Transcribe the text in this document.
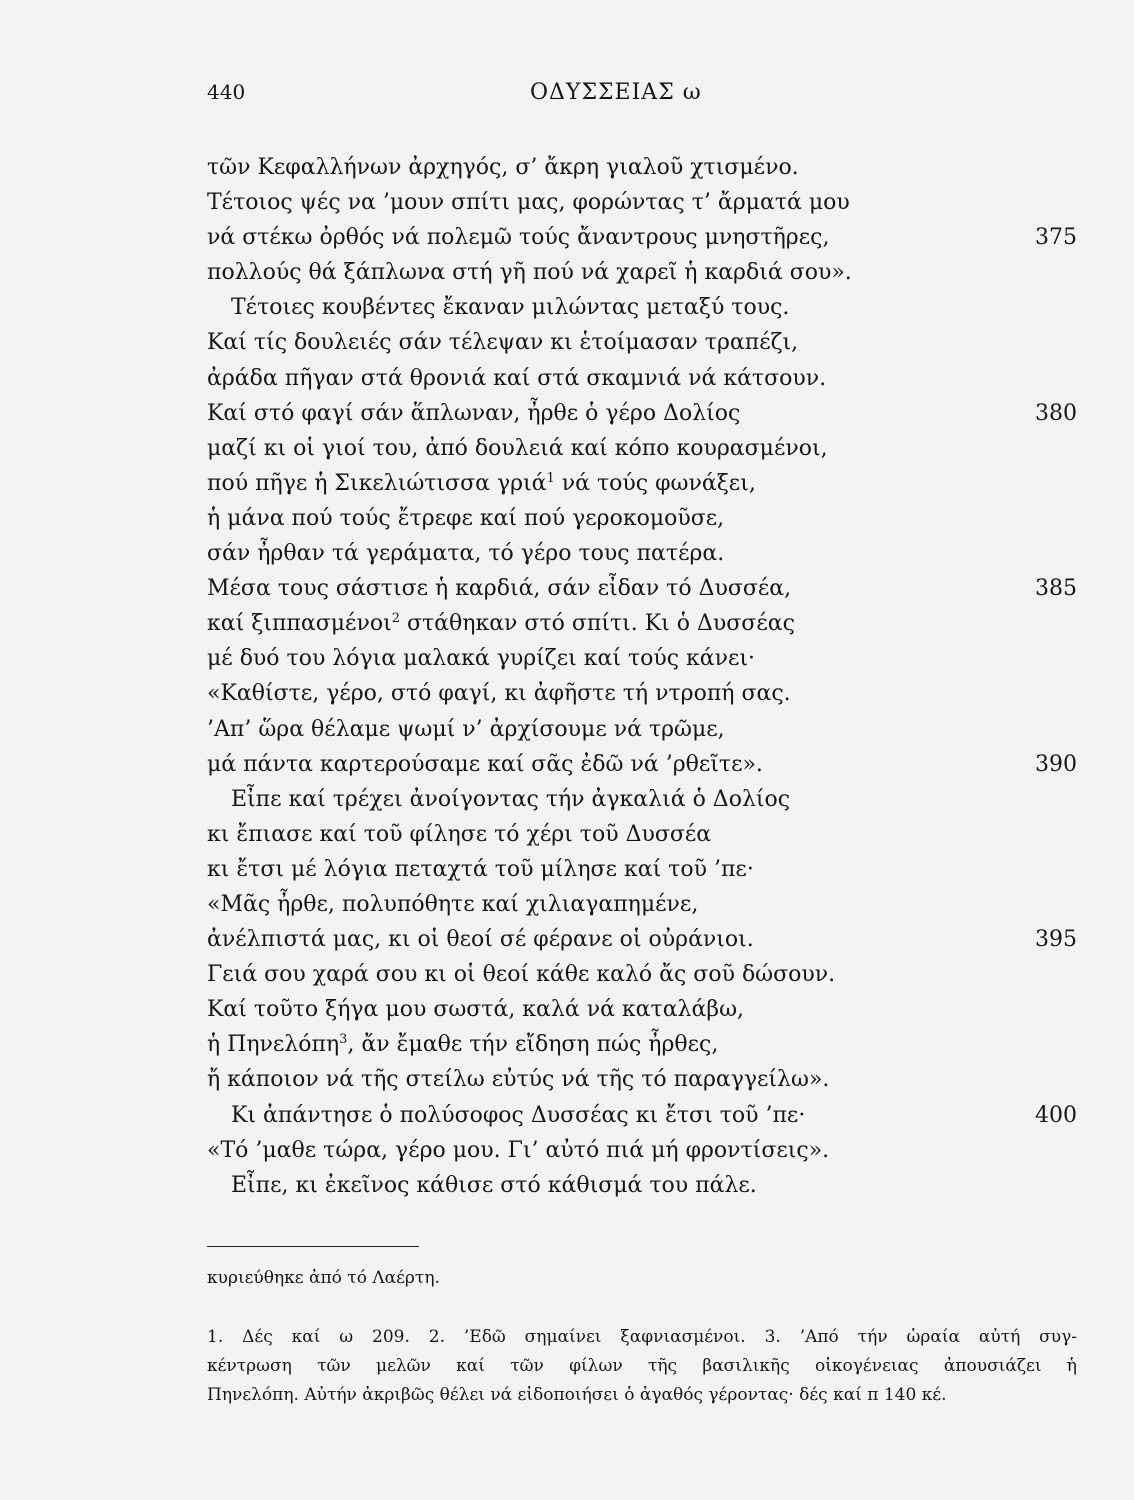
440	ΟΔΥΣΣΕΙΑΣ ω
τῶν Κεφαλλήνων ἀρχηγός, σ’ ἄκρη γιαλοῦ χτισμένο.
Τέτοιος ψές να ’μουν σπίτι μας, φορώντας τ’ ἄρματά μου
νά στέκω ὀρθός νά πολεμῶ τούς ἄναντρους μνηστῆρες,	375
πολλούς θά ξάπλωνα στή γῆ πού νά χαρεῖ ἡ καρδιά σου».
Τέτοιες κουβέντες ἔκαναν μιλώντας μεταξύ τους.
Καί τίς δουλειές σάν τέλεψαν κι ἑτοίμασαν τραπέζι,
ἀράδα πῆγαν στά θρονιά καί στά σκαμνιά νά κάτσουν.
Καί στό φαγί σάν ἅπλωναν, ἦρθε ὁ γέρο Δολίος	380
μαζί κι οἱ γιοί του, ἀπό δουλειά καί κόπο κουρασμένοι,
πού πῆγε ἡ Σικελιώτισσα γριά$^1$ νά τούς φωνάξει,
ἡ μάνα πού τούς ἔτρεφε καί πού γεροκομοῦσε,
σάν ἦρθαν τά γεράματα, τό γέρο τους πατέρα.
Μέσα τους σάστισε ἡ καρδιά, σάν εἶδαν τό Δυσσέα,	385
καί ξιππασμένοι$^2$ στάθηκαν στό σπίτι. Κι ὁ Δυσσέας
μέ δυό του λόγια μαλακά γυρίζει καί τούς κάνει·
«Καθίστε, γέρο, στό φαγί, κι ἀφῆστε τή ντροπή σας.
’Απ’ ὥρα θέλαμε ψωμί ν’ ἀρχίσουμε νά τρῶμε,
μά πάντα καρτερούσαμε καί σᾶς ἐδῶ νά ’ρθεῖτε».	390
Εἶπε καί τρέχει ἀνοίγοντας τήν ἀγκαλιά ὁ Δολίος
κι ἔπιασε καί τοῦ φίλησε τό χέρι τοῦ Δυσσέα
κι ἔτσι μέ λόγια πεταχτά τοῦ μίλησε καί τοῦ ’πε·
«Μᾶς ἦρθε, πολυπόθητε καί χιλιαγαπημένε,
ἀνέλπιστά μας, κι οἱ θεοί σέ φέρανε οἱ οὐράνιοι.	395
Γειά σου χαρά σου κι οἱ θεοί κάθε καλό ἄς σοῦ δώσουν.
Καί τοῦτο ξήγα μου σωστά, καλά νά καταλάβω,
ἡ Πηνελόπη$^3$, ἄν ἔμαθε τήν εἴδηση πώς ἦρθες,
ἤ κάποιον νά τῆς στείλω εὐτύς νά τῆς τό παραγγείλω».
Κι ἀπάντησε ὁ πολύσοφος Δυσσέας κι ἔτσι τοῦ ’πε·	400
«Τό ’μαθε τώρα, γέρο μου. Γι’ αὐτό πιά μή φροντίσεις».
Εἶπε, κι ἐκεῖνος κάθισε στό κάθισμά του πάλε.
κυριεύθηκε ἀπό τό Λαέρτη.
1. Δές καί ω 209. 2. ’Εδῶ σημαίνει ξαφνιασμένοι. 3. ’Από τήν ὡραία αὐτή συγ-
κέντρωση τῶν μελῶν καί τῶν φίλων τῆς βασιλικῆς οἰκογένειας ἀπουσιάζει ἡ
Πηνελόπη. Αὐτήν ἀκριβῶς θέλει νά εἰδοποιήσει ὁ ἀγαθός γέροντας· δές καί π 140 κέ.
